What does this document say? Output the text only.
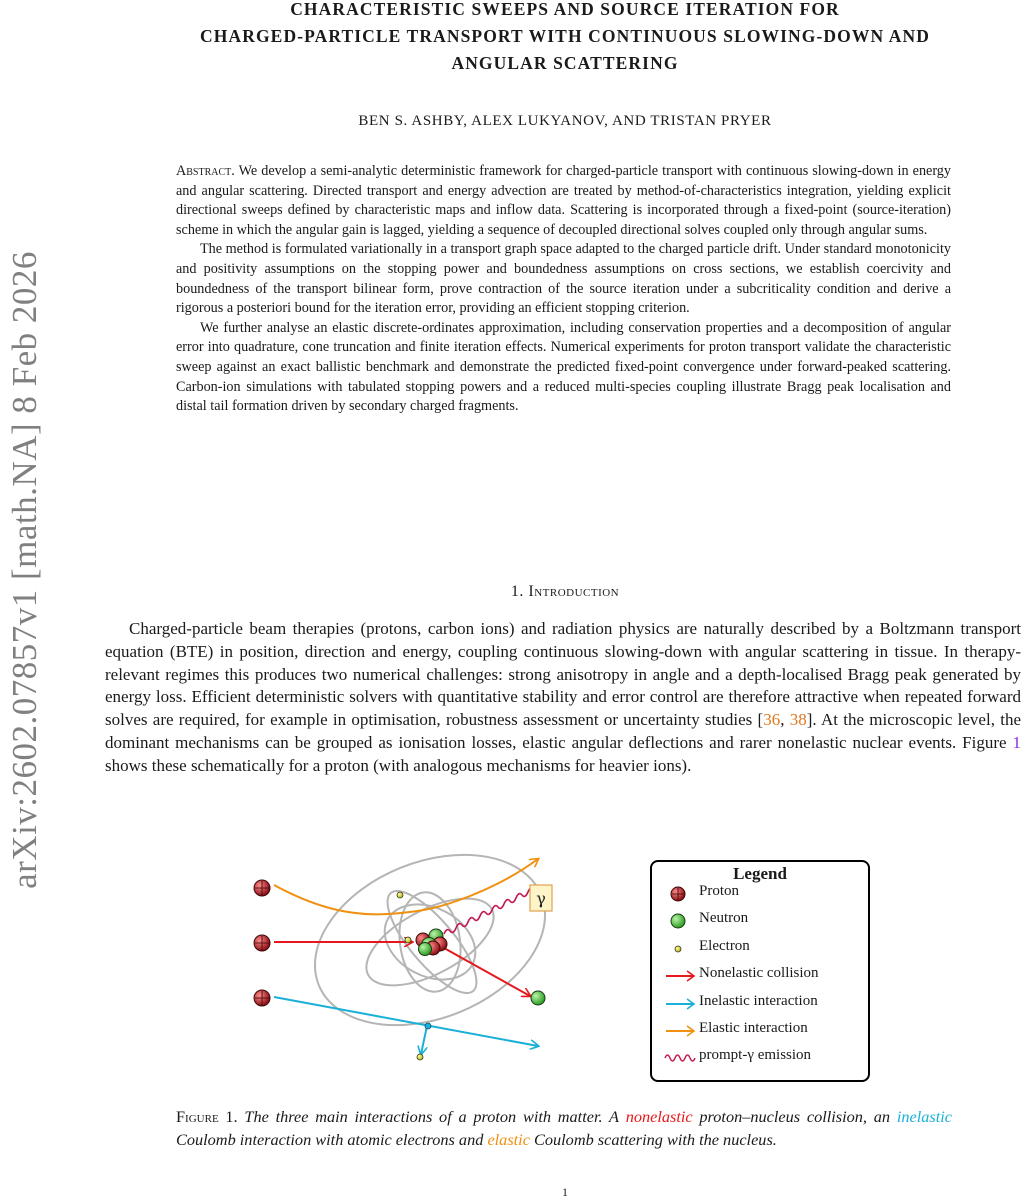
arXiv:2602.07857v1 [math.NA] 8 Feb 2026
CHARACTERISTIC SWEEPS AND SOURCE ITERATION FOR
CHARGED-PARTICLE TRANSPORT WITH CONTINUOUS SLOWING-DOWN AND
ANGULAR SCATTERING
BEN S. ASHBY, ALEX LUKYANOV, AND TRISTAN PRYER

Abstract. We develop a semi-analytic deterministic framework for charged-particle transport with continuous slowing-down in energy and angular scattering. Directed transport and energy advection are treated by method-of-characteristics integration, yielding explicit directional sweeps defined by characteristic maps and inflow data. Scattering is incorporated through a fixed-point (source-iteration) scheme in which the angular gain is lagged, yielding a sequence of decoupled directional solves coupled only through angular sums.

The method is formulated variationally in a transport graph space adapted to the charged particle drift. Under standard monotonicity and positivity assumptions on the stopping power and boundedness assumptions on cross sections, we establish coercivity and boundedness of the transport bilinear form, prove contraction of the source iteration under a subcriticality condition and derive a rigorous a posteriori bound for the iteration error, providing an efficient stopping criterion.

We further analyse an elastic discrete-ordinates approximation, including conservation properties and a decomposition of angular error into quadrature, cone truncation and finite iteration effects. Numerical experiments for proton transport validate the characteristic sweep against an exact ballistic benchmark and demonstrate the predicted fixed-point convergence under forward-peaked scattering. Carbon-ion simulations with tabulated stopping powers and a reduced multi-species coupling illustrate Bragg peak localisation and distal tail formation driven by secondary charged fragments.

1. Introduction

Charged-particle beam therapies (protons, carbon ions) and radiation physics are naturally described by a Boltzmann transport equation (BTE) in position, direction and energy, coupling continuous slowing-down with angular scattering in tissue. In therapy-relevant regimes this produces two numerical challenges: strong anisotropy in angle and a depth-localised Bragg peak generated by energy loss. Efficient deterministic solvers with quantitative stability and error control are therefore attractive when repeated forward solves are required, for example in optimisation, robustness assessment or uncertainty studies [36, 38]. At the microscopic level, the dominant mechanisms can be grouped as ionisation losses, elastic angular deflections and rarer nonelastic nuclear events. Figure 1 shows these schematically for a proton (with analogous mechanisms for heavier ions).

γ
Legend
Proton
Neutron
Electron
Nonelastic collision
Inelastic interaction
Elastic interaction
prompt-γ emission
Figure 1. The three main interactions of a proton with matter. A nonelastic proton–nucleus collision, an inelastic Coulomb interaction with atomic electrons and elastic Coulomb scattering with the nucleus.
1
